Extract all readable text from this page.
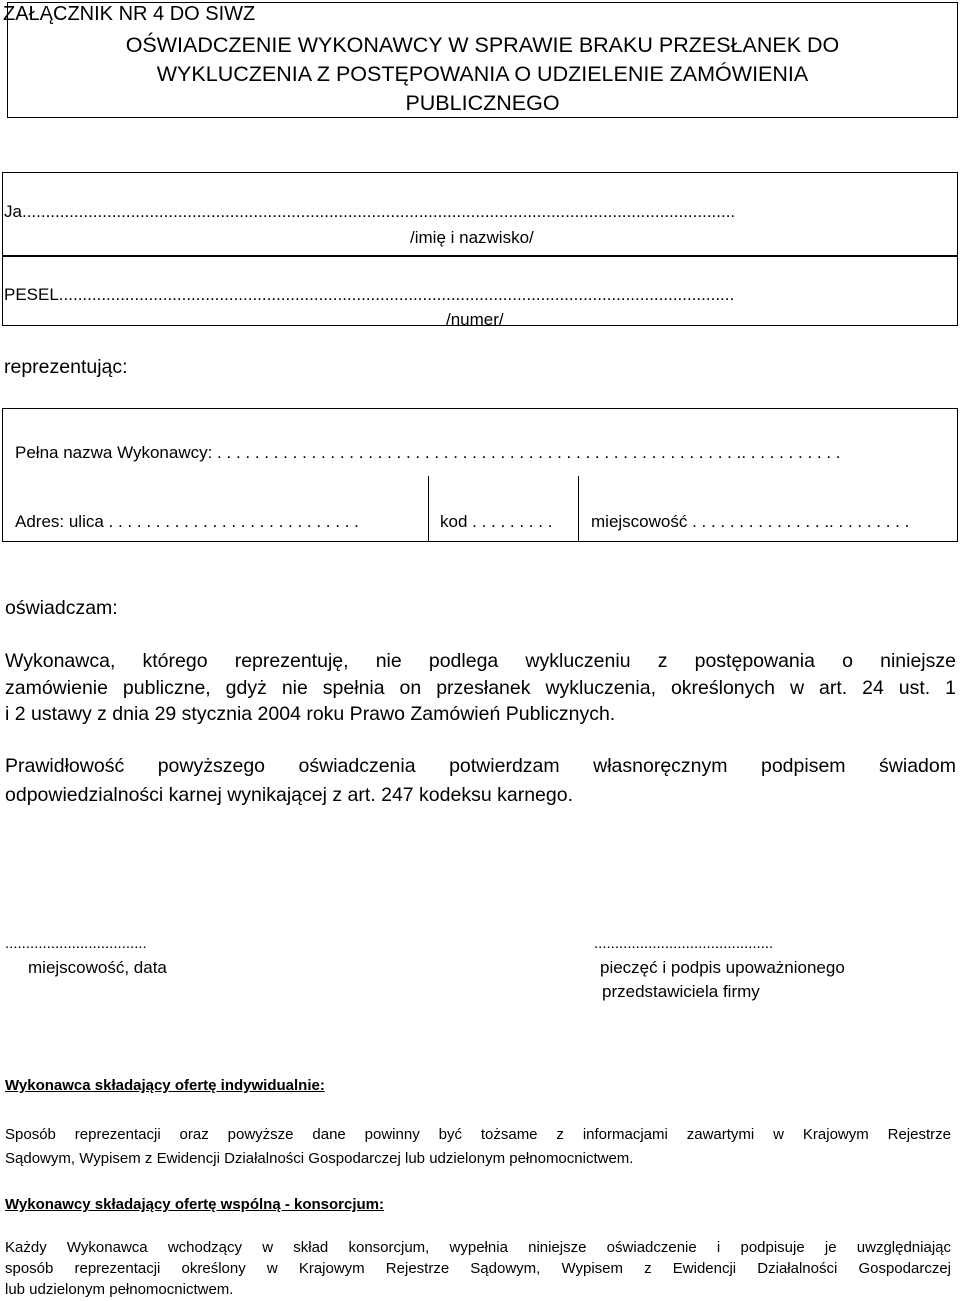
ZAŁĄCZNIK NR 4 DO SIWZ
OŚWIADCZENIE WYKONAWCY W SPRAWIE BRAKU PRZESŁANEK DO
WYKLUCZENIA Z POSTĘPOWANIA O UDZIELENIE ZAMÓWIENIA
PUBLICZNEGO
Ja.......................................................................................................................................................
/imię i nazwisko/
PESEL...............................................................................................................................................
/numer/
reprezentując:
Pełna nazwa Wykonawcy: . . . . . . . . . . . . . . . . . . . . . . . . . . . . . . . . . . . . . . . . . . . . . . . . . . . . . . . .. . . . . . . . . . .
Adres: ulica . . . . . . . . . . . . . . . . . . . . . . . . . . .	kod . . . . . . . . . miejscowość . . . . . . . . . . . . . . .. . . . . . . . .
oświadczam:
Wykonawca, którego reprezentuję, nie podlega wykluczeniu z postępowania o niniejsze
zamówienie publiczne, gdyż nie spełnia on przesłanek wykluczenia, określonych w art. 24 ust. 1
i 2 ustawy z dnia 29 stycznia 2004 roku Prawo Zamówień Publicznych.
Prawidłowość powyższego oświadczenia potwierdzam własnoręcznym podpisem świadom
odpowiedzialności karnej wynikającej z art. 247 kodeksu karnego.
..................................
miejscowość, data
...........................................
pieczęć i podpis upoważnionego
przedstawiciela firmy
Wykonawca składający ofertę indywidualnie:
Sposób reprezentacji oraz powyższe dane powinny być tożsame z informacjami zawartymi w Krajowym Rejestrze
Sądowym, Wypisem z Ewidencji Działalności Gospodarczej lub udzielonym pełnomocnictwem.
Wykonawcy składający ofertę wspólną - konsorcjum:
Każdy Wykonawca wchodzący w skład konsorcjum, wypełnia niniejsze oświadczenie i podpisuje je uwzględniając
sposób reprezentacji określony w Krajowym Rejestrze Sądowym, Wypisem z Ewidencji Działalności Gospodarczej
lub udzielonym pełnomocnictwem.
